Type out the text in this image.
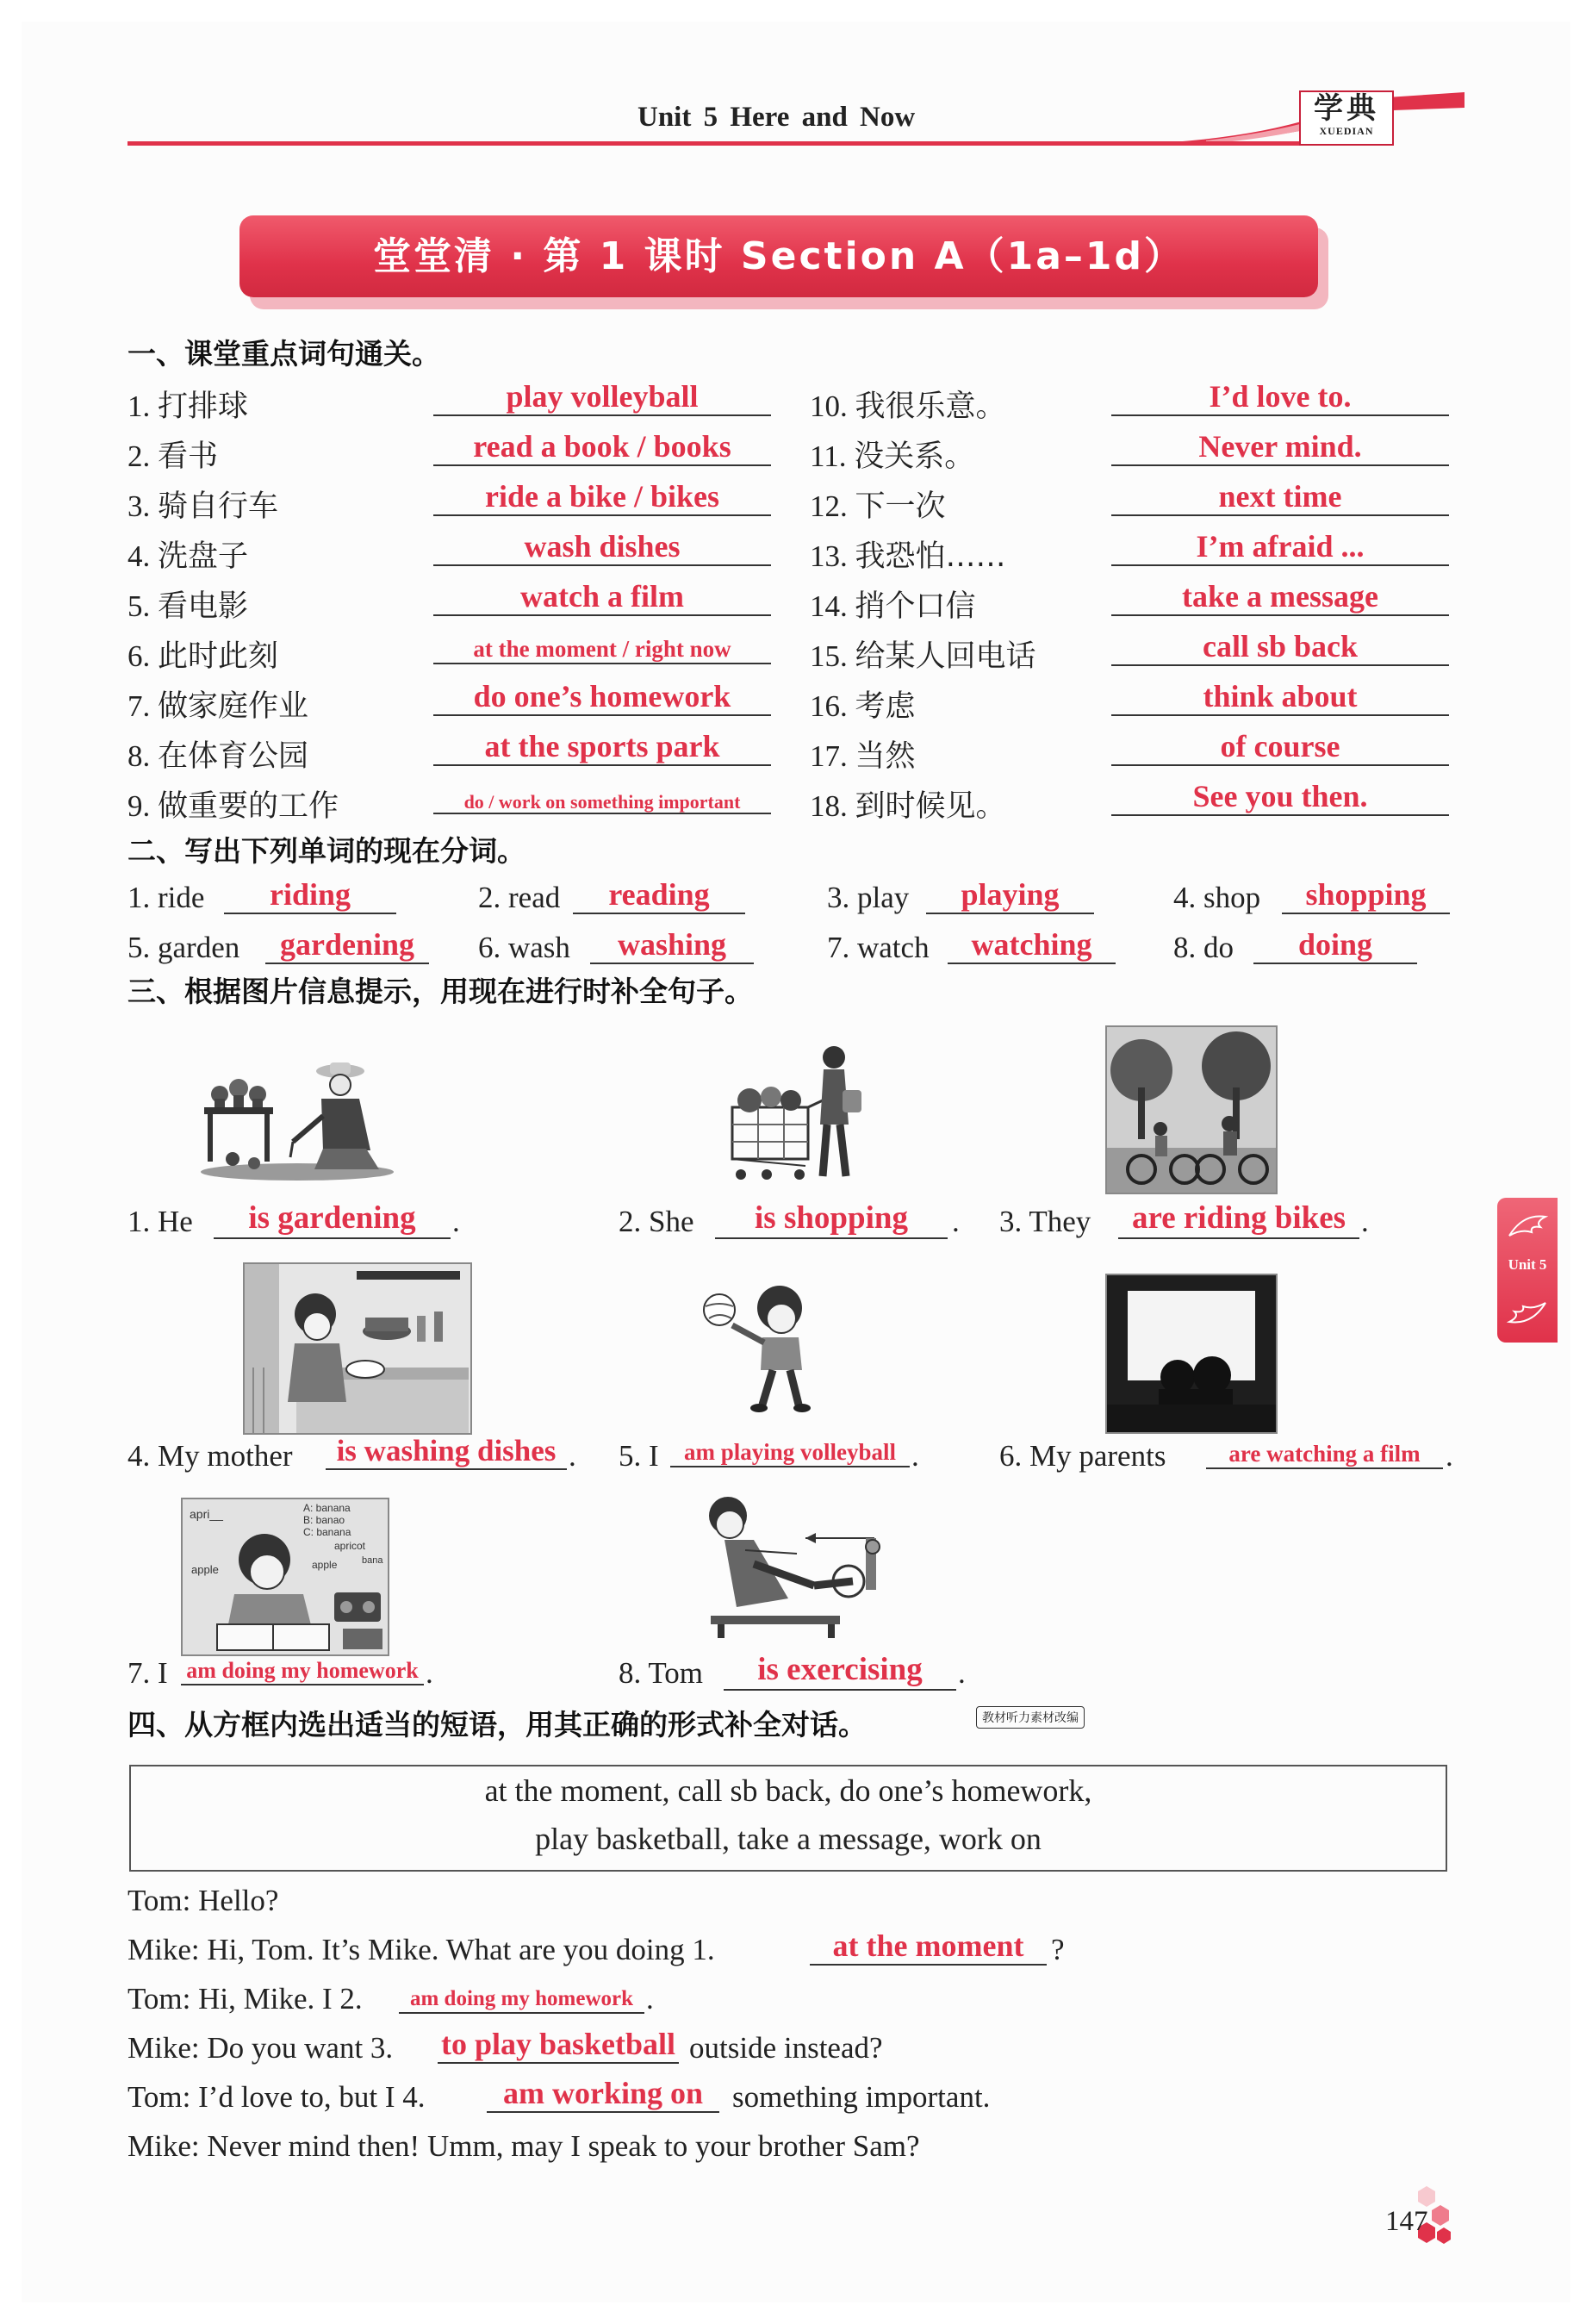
Unit 5 Here and Now	学典
XUEDIAN
堂堂清 · 第 1 课时 Section A（1a–1d）
一、课堂重点词句通关。
1. 打排球	play volleyball
2. 看书	read a book / books
3. 骑自行车	ride a bike / bikes
4. 洗盘子	wash dishes
5. 看电影	watch a film
6. 此时此刻	at the moment / right now
7. 做家庭作业	do one’s homework
8. 在体育公园	at the sports park
9. 做重要的工作	do / work on something important
10. 我很乐意。	I’d love to.
11. 没关系。	Never mind.
12. 下一次	next time
13. 我恐怕……	I’m afraid ...
14. 捎个口信	take a message
15. 给某人回电话	call sb back
16. 考虑	think about
17. 当然	of course
18. 到时候见。	See you then.
二、写出下列单词的现在分词。
1. ride	riding	2. read	reading	3. play	playing	4. shop	shopping
5. garden	gardening	6. wash	washing	7. watch	watching	8. do	doing
三、根据图片信息提示，用现在进行时补全句子。
1. He	is gardening	.	2. She	is shopping	. 3. They	are riding bikes .
4. My mother	is washing dishes . 5. I	am playing volleyball .	6. My parents	are watching a film .
apri__	A: banana
B: banao
C: banana
apricot
apple	apple	bana
7. I am doing my homework .	8. Tom	is exercising	.
四、从方框内选出适当的短语，用其正确的形式补全对话。	教材听力素材改编
at the moment, call sb back, do one’s homework,
play basketball, take a message, work on
Tom: Hello?
Mike: Hi, Tom. It’s Mike. What are you doing 1.	at the moment ?
Tom: Hi, Mike. I 2.	am doing my homework .
Mike: Do you want 3. to play basketball outside instead?
Tom: I’d love to, but I 4.	am working on something important.
Mike: Never mind then! Umm, may I speak to your brother Sam?
Unit 5
147
